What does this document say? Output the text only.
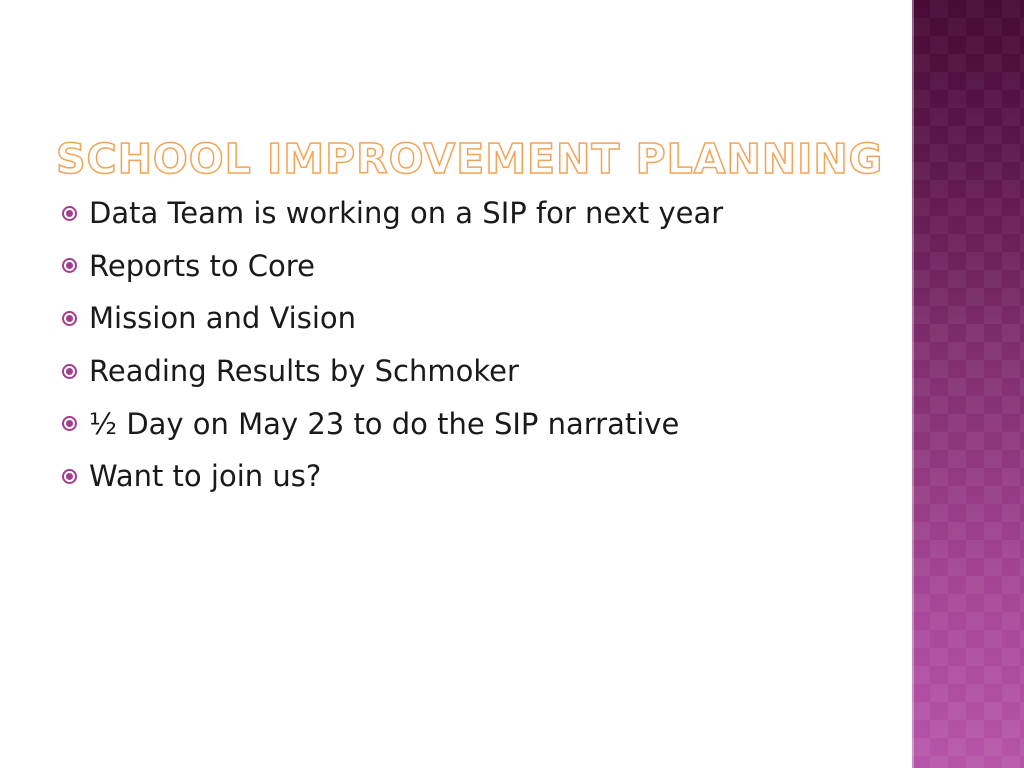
SCHOOL IMPROVEMENT PLANNING
Data Team is working on a SIP for next year
Reports to Core
Mission and Vision
Reading Results by Schmoker
½ Day on May 23 to do the SIP narrative
Want to join us?
